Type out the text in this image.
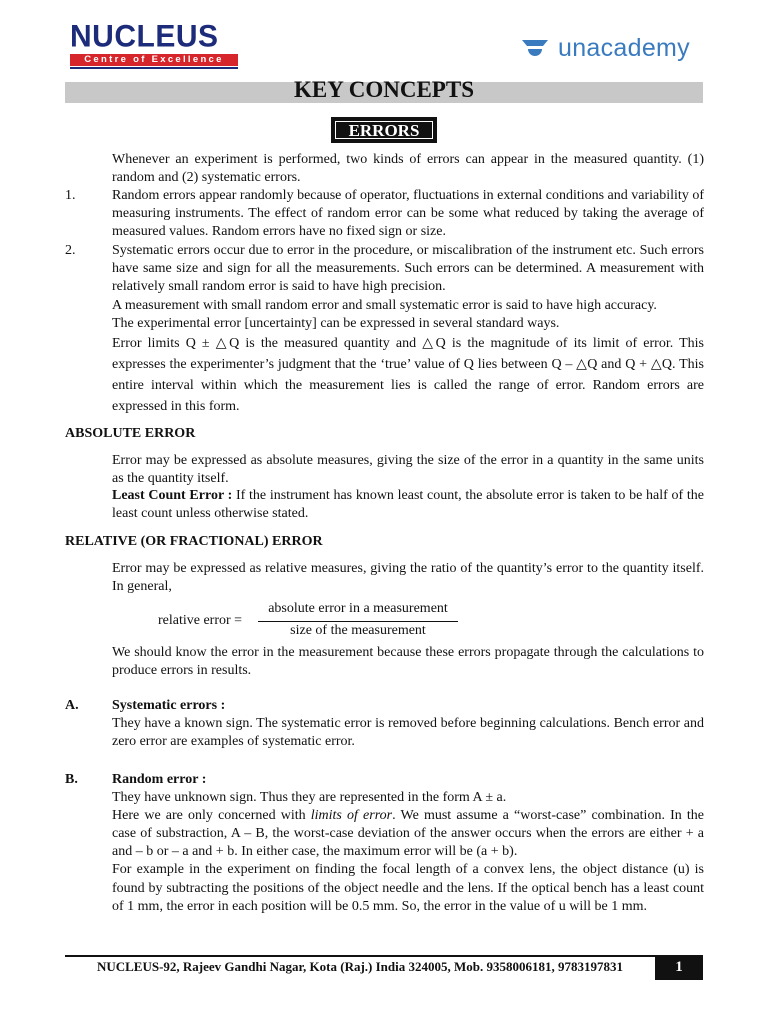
NUCLEUS
Centre of Excellence	unacademy
KEY CONCEPTS
ERRORS
Whenever an experiment is performed, two kinds of errors can appear in the measured quantity. (1) random and (2) systematic errors.
1.	Random errors appear randomly because of operator, fluctuations in external conditions and variability of measuring instruments. The effect of random error can be some what reduced by taking the average of measured values. Random errors have no fixed sign or size.
2.	Systematic errors occur due to error in the procedure, or miscalibration of the instrument etc. Such errors have same size and sign for all the measurements. Such errors can be determined. A measurement with relatively small random error is said to have high precision.
A measurement with small random error and small systematic error is said to have high accuracy.
The experimental error [uncertainty] can be expressed in several standard ways.
Error limits Q ± △Q is the measured quantity and △Q is the magnitude of its limit of error. This expresses the experimenter’s judgment that the ‘true’ value of Q lies between Q – △Q and Q + △Q. This entire interval within which the measurement lies is called the range of error. Random errors are expressed in this form.
ABSOLUTE ERROR
Error may be expressed as absolute measures, giving the size of the error in a quantity in the same units as the quantity itself.
Least Count Error : If the instrument has known least count, the absolute error is taken to be half of the least count unless otherwise stated.
RELATIVE (OR FRACTIONAL) ERROR
Error may be expressed as relative measures, giving the ratio of the quantity’s error to the quantity itself. In general,
We should know the error in the measurement because these errors propagate through the calculations to produce errors in results.
A. Systematic errors :
They have a known sign. The systematic error is removed before beginning calculations. Bench error and zero error are examples of systematic error.
B. Random error :
They have unknown sign. Thus they are represented in the form A ± a.
Here we are only concerned with limits of error. We must assume a “worst-case” combination. In the case of substraction, A – B, the worst-case deviation of the answer occurs when the errors are either + a and – b or – a and + b. In either case, the maximum error will be (a + b).
For example in the experiment on finding the focal length of a convex lens, the object distance (u) is found by subtracting the positions of the object needle and the lens. If the optical bench has a least count of 1 mm, the error in each position will be 0.5 mm. So, the error in the value of u will be 1 mm.
relative error =
absolute error in a measurement
size of the measurement
NUCLEUS-92, Rajeev Gandhi Nagar, Kota (Raj.) India 324005, Mob. 9358006181, 9783197831	1
